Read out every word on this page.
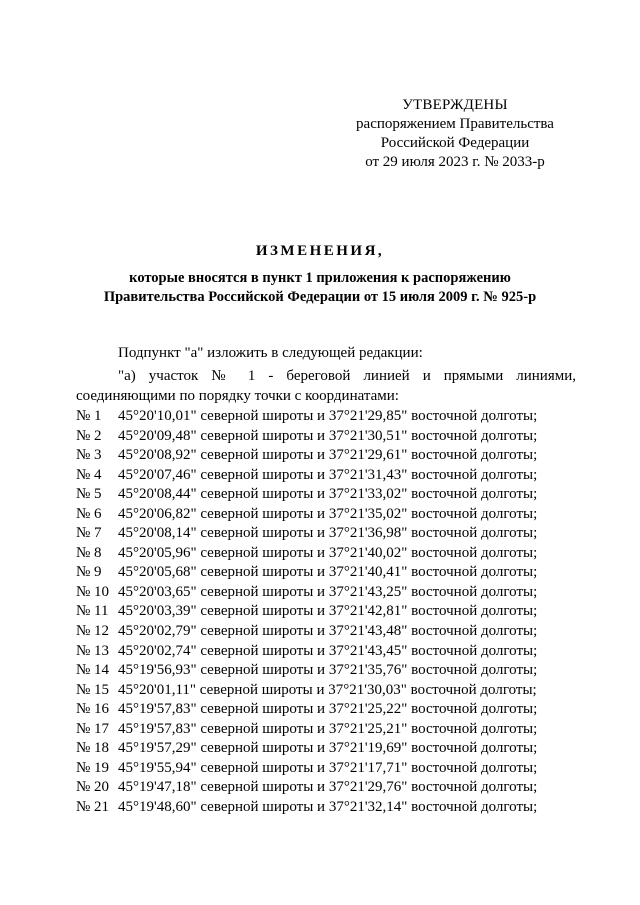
УТВЕРЖДЕНЫ
распоряжением Правительства
Российской Федерации
от 29 июля 2023 г. № 2033-р
ИЗМЕНЕНИЯ,
которые вносятся в пункт 1 приложения к распоряжению
Правительства Российской Федерации от 15 июля 2009 г. № 925-р
Подпункт "а" изложить в следующей редакции:
"а) участок № 1 - береговой линией и прямыми линиями,
соединяющими по порядку точки с координатами:
№ 1 45°20'10,01" северной широты и 37°21'29,85" восточной долготы;
№ 2 45°20'09,48" северной широты и 37°21'30,51" восточной долготы;
№ 3 45°20'08,92" северной широты и 37°21'29,61" восточной долготы;
№ 4 45°20'07,46" северной широты и 37°21'31,43" восточной долготы;
№ 5 45°20'08,44" северной широты и 37°21'33,02" восточной долготы;
№ 6 45°20'06,82" северной широты и 37°21'35,02" восточной долготы;
№ 7 45°20'08,14" северной широты и 37°21'36,98" восточной долготы;
№ 8 45°20'05,96" северной широты и 37°21'40,02" восточной долготы;
№ 9 45°20'05,68" северной широты и 37°21'40,41" восточной долготы;
№ 10 45°20'03,65" северной широты и 37°21'43,25" восточной долготы;
№ 11 45°20'03,39" северной широты и 37°21'42,81" восточной долготы;
№ 12 45°20'02,79" северной широты и 37°21'43,48" восточной долготы;
№ 13 45°20'02,74" северной широты и 37°21'43,45" восточной долготы;
№ 14 45°19'56,93" северной широты и 37°21'35,76" восточной долготы;
№ 15 45°20'01,11" северной широты и 37°21'30,03" восточной долготы;
№ 16 45°19'57,83" северной широты и 37°21'25,22" восточной долготы;
№ 17 45°19'57,83" северной широты и 37°21'25,21" восточной долготы;
№ 18 45°19'57,29" северной широты и 37°21'19,69" восточной долготы;
№ 19 45°19'55,94" северной широты и 37°21'17,71" восточной долготы;
№ 20 45°19'47,18" северной широты и 37°21'29,76" восточной долготы;
№ 21 45°19'48,60" северной широты и 37°21'32,14" восточной долготы;
